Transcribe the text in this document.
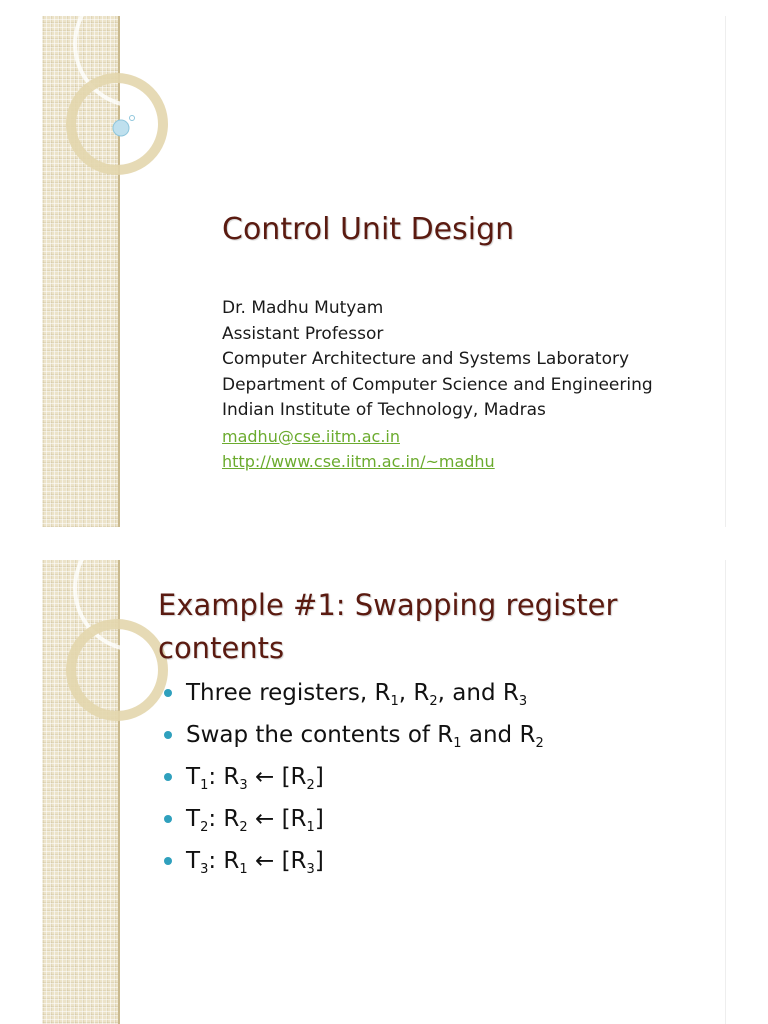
Control Unit Design
Dr. Madhu Mutyam
Assistant Professor
Computer Architecture and Systems Laboratory
Department of Computer Science and Engineering
Indian Institute of Technology, Madras
madhu@cse.iitm.ac.in
http://www.cse.iitm.ac.in/~madhu
Example #1: Swapping register contents
Three registers, $R_1$, $R_2$, and $R_3$
Swap the contents of $R_1$ and $R_2$
$T_1$: $R_3$ ← $[R_2]$
$T_2$: $R_2$ ← $[R_1]$
$T_3$: $R_1$ ← $[R_3]$
